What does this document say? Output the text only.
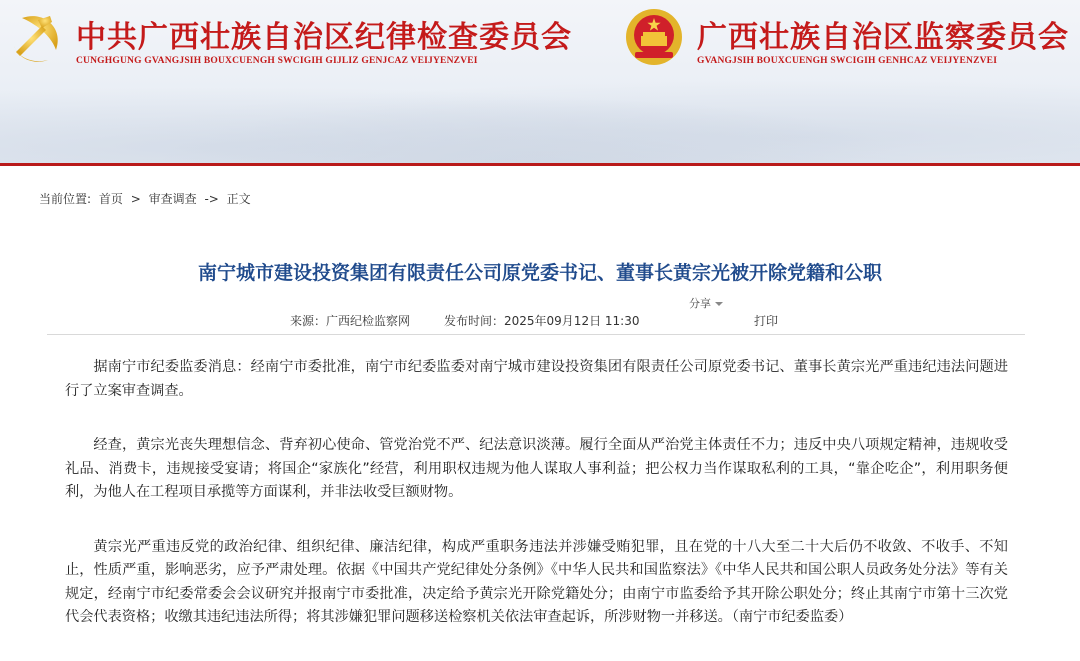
中共广西壮族自治区纪律检查委员会
CUNGHGUNG GVANGJSIH BOUXCUENGH SWCIGIH GIJLIZ GENJCAZ VEIJYENZVEI
广西壮族自治区监察委员会
GVANGJSIH BOUXCUENGH SWCIGIH GENHCAZ VEIJYENZVEI
当前位置: 首页 > 审查调查 -> 正文
南宁城市建设投资集团有限责任公司原党委书记、董事长黄宗光被开除党籍和公职
分享
来源：广西纪检监察网	发布时间：2025年09月12日 11:30	打印

据南宁市纪委监委消息：经南宁市委批准，南宁市纪委监委对南宁城市建设投资集团有限责任公司原党委书记、董事长黄宗光严重违纪违法问题进行了立案审查调查。

经查，黄宗光丧失理想信念、背弃初心使命、管党治党不严、纪法意识淡薄。履行全面从严治党主体责任不力；违反中央八项规定精神，违规收受礼品、消费卡，违规接受宴请；将国企“家族化”经营，利用职权违规为他人谋取人事利益；把公权力当作谋取私利的工具，“靠企吃企”，利用职务便利，为他人在工程项目承揽等方面谋利，并非法收受巨额财物。

黄宗光严重违反党的政治纪律、组织纪律、廉洁纪律，构成严重职务违法并涉嫌受贿犯罪，且在党的十八大至二十大后仍不收敛、不收手、不知止，性质严重，影响恶劣，应予严肃处理。依据《中国共产党纪律处分条例》《中华人民共和国监察法》《中华人民共和国公职人员政务处分法》等有关规定，经南宁市纪委常委会会议研究并报南宁市委批准，决定给予黄宗光开除党籍处分；由南宁市监委给予其开除公职处分；终止其南宁市第十三次党代会代表资格；收缴其违纪违法所得；将其涉嫌犯罪问题移送检察机关依法审查起诉，所涉财物一并移送。（南宁市纪委监委）
